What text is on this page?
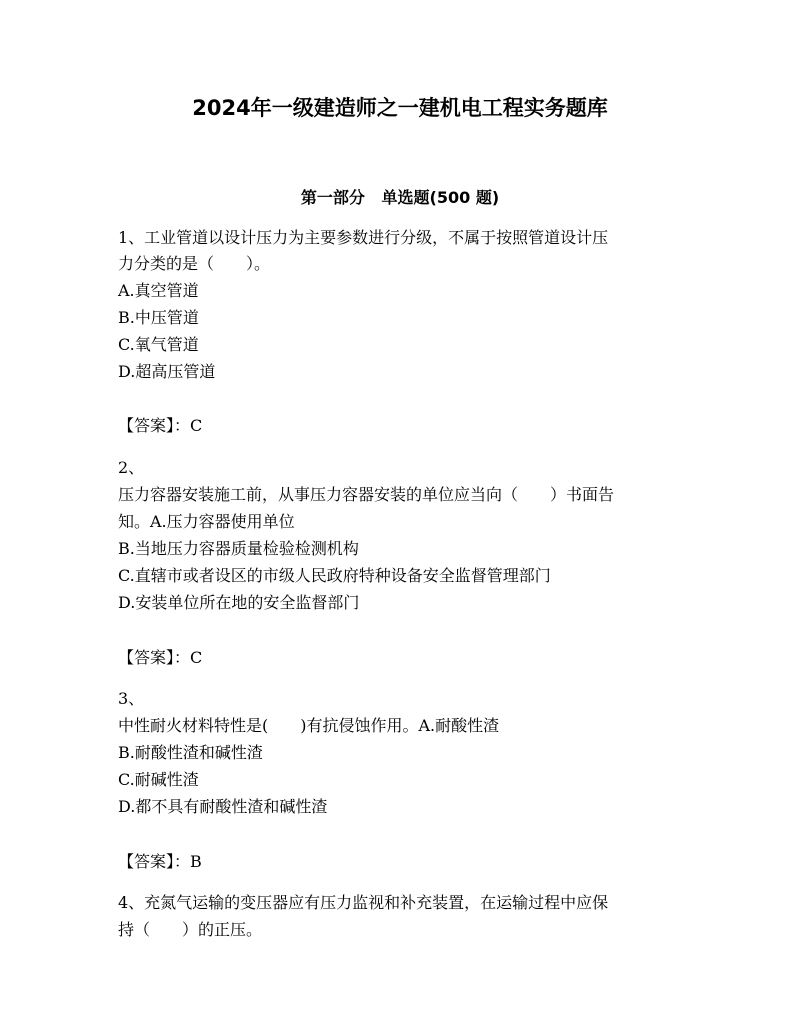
2024年一级建造师之一建机电工程实务题库
第一部分   单选题(500 题)
1、工业管道以设计压力为主要参数进行分级，不属于按照管道设计压
力分类的是（　　）。
A.真空管道
B.中压管道
C.氧气管道
D.超高压管道
【答案】：C
2、
压力容器安装施工前，从事压力容器安装的单位应当向（　　）书面告
知。A.压力容器使用单位
B.当地压力容器质量检验检测机构
C.直辖市或者设区的市级人民政府特种设备安全监督管理部门
D.安装单位所在地的安全监督部门
【答案】：C
3、
中性耐火材料特性是(　　)有抗侵蚀作用。A.耐酸性渣
B.耐酸性渣和碱性渣
C.耐碱性渣
D.都不具有耐酸性渣和碱性渣
【答案】：B
4、充氮气运输的变压器应有压力监视和补充装置，在运输过程中应保
持（　　）的正压。
